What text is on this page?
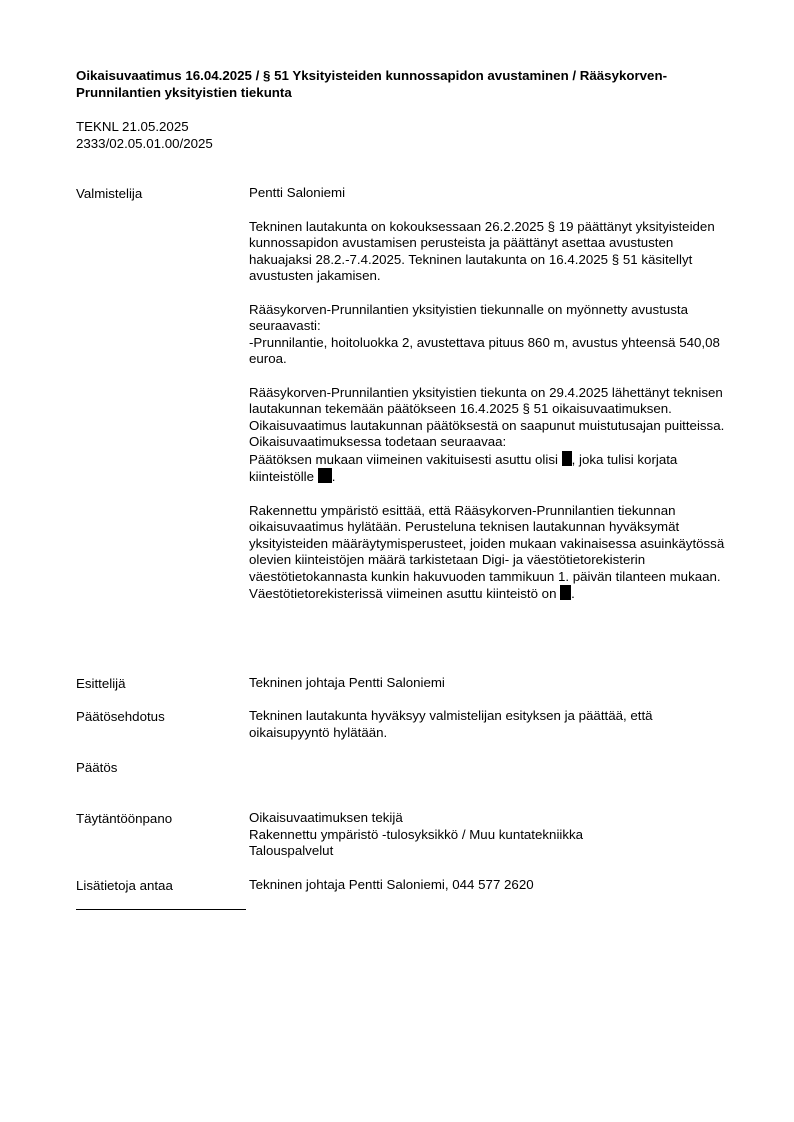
Oikaisuvaatimus 16.04.2025 / § 51 Yksityisteiden kunnossapidon avustaminen / Rääsykorven-Prunnilantien yksityistien tiekunta
TEKNL 21.05.2025
2333/02.05.01.00/2025
Valmistelija	Pentti Saloniemi

Tekninen lautakunta on kokouksessaan 26.2.2025 § 19 päättänyt yksityisteiden kunnossapidon avustamisen perusteista ja päättänyt asettaa avustusten hakuajaksi 28.2.-7.4.2025. Tekninen lautakunta on 16.4.2025 § 51 käsitellyt avustusten jakamisen.

Rääsykorven-Prunnilantien yksityistien tiekunnalle on myönnetty avustusta seuraavasti:

-Prunnilantie, hoitoluokka 2, avustettava pituus 860 m, avustus yhteensä 540,08 euroa.

Rääsykorven-Prunnilantien yksityistien tiekunta on 29.4.2025 lähettänyt teknisen lautakunnan tekemään päätökseen 16.4.2025 § 51 oikaisuvaatimuksen. Oikaisuvaatimus lautakunnan päätöksestä on saapunut muistutusajan puitteissa. Oikaisuvaatimuksessa todetaan seuraavaa:

Päätöksen mukaan viimeinen vakituisesti asuttu olisi , joka tulisi korjata kiinteistölle .

Rakennettu ympäristö esittää, että Rääsykorven-Prunnilantien tiekunnan oikaisuvaatimus hylätään. Perusteluna teknisen lautakunnan hyväksymät yksityisteiden määräytymisperusteet, joiden mukaan vakinaisessa asuinkäytössä olevien kiinteistöjen määrä tarkistetaan Digi- ja väestötietorekisterin väestötietokannasta kunkin hakuvuoden tammikuun 1. päivän tilanteen mukaan. Väestötietorekisterissä viimeinen asuttu kiinteistö on .

Esittelijä	Tekninen johtaja Pentti Saloniemi
Päätösehdotus	Tekninen lautakunta hyväksyy valmistelijan esityksen ja päättää, että oikaisupyyntö hylätään.
Päätös
Täytäntöönpano	Oikaisuvaatimuksen tekijä
Rakennettu ympäristö -tulosyksikkö / Muu kuntatekniikka
Talouspalvelut
Lisätietoja antaa	Tekninen johtaja Pentti Saloniemi, 044 577 2620
